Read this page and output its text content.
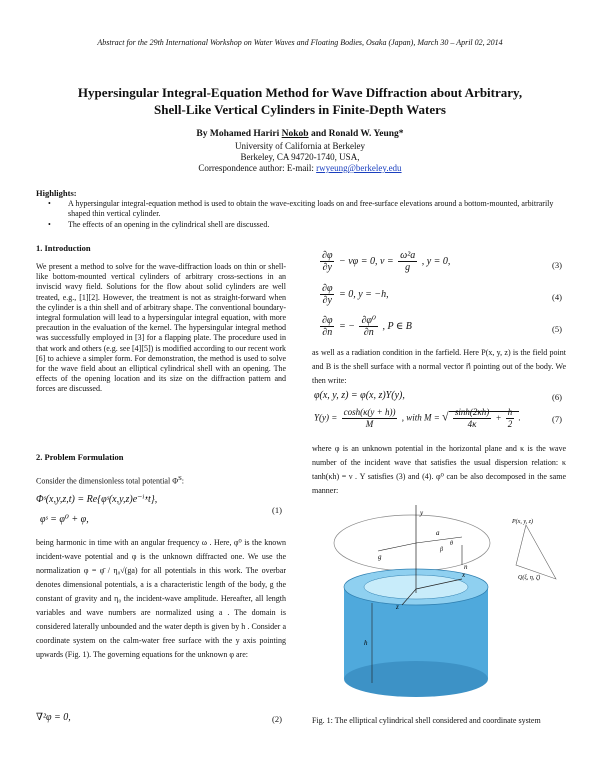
Abstract for the 29th International Workshop on Water Waves and Floating Bodies, Osaka (Japan), March 30 – April 02, 2014
Hypersingular Integral-Equation Method for Wave Diffraction about Arbitrary,
Shell-Like Vertical Cylinders in Finite-Depth Waters
By Mohamed Hariri Nokob and Ronald W. Yeung*
University of California at Berkeley
Berkeley, CA 94720-1740, USA,
Correspondence author: E-mail: rwyeung@berkeley.edu
Highlights:
• A hypersingular integral-equation method is used to obtain the wave-exciting loads on and free-surface elevations around a bottom-mounted, arbitrarily shaped thin vertical cylinder.
• The effects of an opening in the cylindrical shell are discussed.
1. Introduction
We present a method to solve for the wave-diffraction loads on thin or shell-like bottom-mounted vertical cylinders of arbitrary cross-sections in an inviscid wavy field. Solutions for the flow about solid cylinders are well treated, e.g., [1][2]. However, the treatment is not as straight-forward when the cylinder is a thin shell and of arbitrary shape. The conventional boundary-integral formulation will lead to a hypersingular integral equation, with more precaution in the evaluation of the kernel. The hypersingular integral method was successfully employed in [3] for a flapping plate. The procedure used in that work and others (e.g. see [4][5]) is modified according to our recent work [6] to achieve a simpler form. For demonstration, the method is used to solve for the wave field about an elliptical cylindrical shell with an opening. The effects of the opening location and its size on the diffraction pattern and forces are discussed.
2. Problem Formulation
Consider the dimensionless total potential $\Phi^S$:
Φˢ(x,y,z,t) = Re{φˢ(x,y,z)e⁻ⁱᵜt},
φˢ = φ⁰ + φ,
(1)
being harmonic in time with an angular frequency ω . Here, φ⁰ is the known incident-wave potential and φ is the unknown diffracted one. We use the normalization φ = φ̄ / η₀√(ga) for all potentials in this work. The overbar denotes dimensional potentials, a is a characteristic length of the body, g the constant of gravity and η₀ the incident-wave amplitude. Hereafter, all length variables and wave numbers are normalized using a . The domain is considered laterally unbounded and the water depth is given by h . Consider a coordinate system on the calm-water free surface with the y axis pointing upwards (Fig. 1). The governing equations for the unknown φ are:
∇²φ = 0,	(2)
$\frac{\partial\varphi}{\partial y} - \nu\varphi = 0$, $\nu = \frac{\text{ω²a}}{g}$ , y = 0,	(3)
$\frac{\partial\varphi}{\partial y} = 0$, y = −h,	(4)
$\frac{\partial\varphi}{\partial n}$ = − $\frac{\text{∂φ⁰}}{\partial n}$ , P ∈ B	(5)
as well as a radiation condition in the farfield. Here P(x, y, z) is the field point and B is the shell surface with a normal vector n⃗ pointing out of the body. We then write:
φ(x, y, z) = φ(x, z)Y(y),	(6)
$Y(y) = \frac{\cosh(\kappa(y + h))}{M}$ , with M = √ $\frac{\sinh(2\kappa h)}{4\kappa} + \frac{h}{2}$ .	(7)
where φ is an unknown potential in the horizontal plane and κ is the wave number of the incident wave that satisfies the usual dispersion relation: κ tanh(κh) = ν . Y satisfies (3) and (4). φ⁰ can be also decomposed in the same manner:
y
x
z
a
θ
β
g
n
h
P(x, y, z)
Q(ξ, η, ζ)
Fig. 1: The elliptical cylindrical shell considered and coordinate system
